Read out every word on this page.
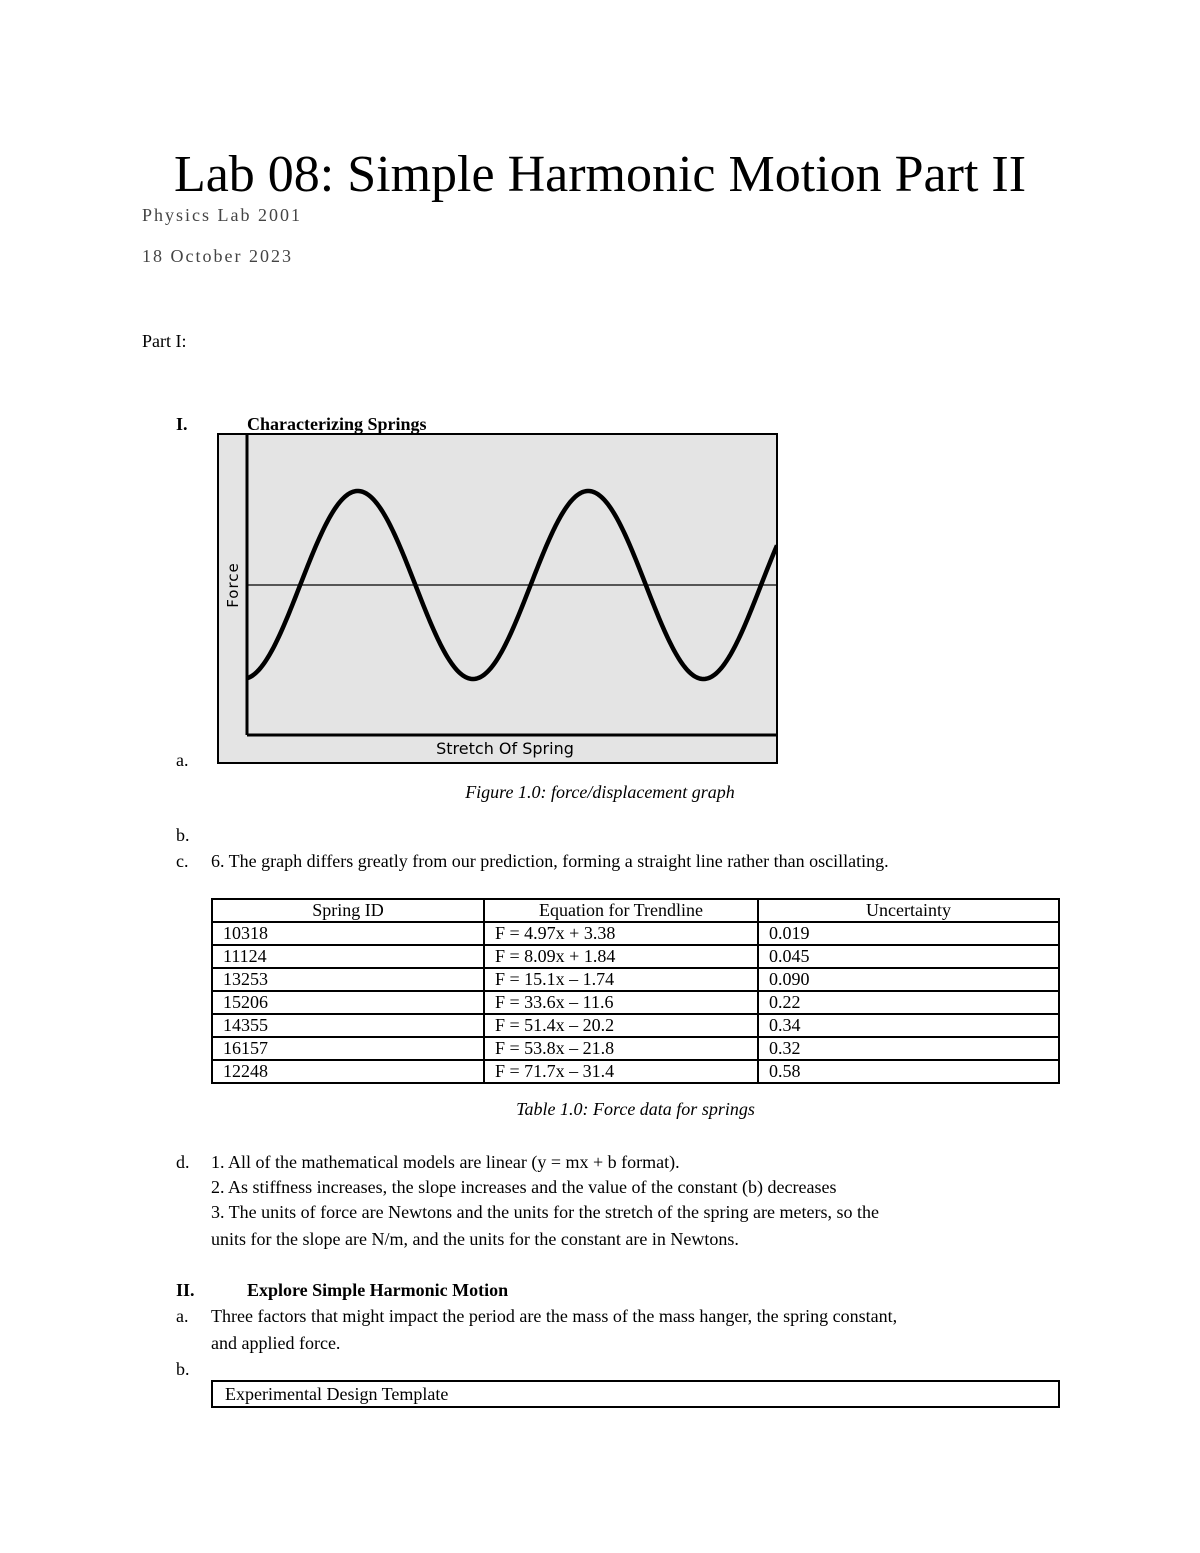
Lab 08: Simple Harmonic Motion Part II
Physics Lab 2001
18 October 2023
Part I:
I.	Characterizing Springs
Force
Stretch Of Spring
a.
Figure 1.0: force/displacement graph
b.
c. 6. The graph differs greatly from our prediction, forming a straight line rather than oscillating.
Spring ID	Equation for Trendline	Uncertainty
10318	F = 4.97x + 3.38	0.019
11124	F = 8.09x + 1.84	0.045
13253	F = 15.1x – 1.74	0.090
15206	F = 33.6x – 11.6	0.22
14355	F = 51.4x – 20.2	0.34
16157	F = 53.8x – 21.8	0.32
12248	F = 71.7x – 31.4	0.58
Table 1.0: Force data for springs
d. 1. All of the mathematical models are linear (y = mx + b format).
2. As stiffness increases, the slope increases and the value of the constant (b) decreases
3. The units of force are Newtons and the units for the stretch of the spring are meters, so the
units for the slope are N/m, and the units for the constant are in Newtons.
II.	Explore Simple Harmonic Motion
a. Three factors that might impact the period are the mass of the mass hanger, the spring constant,
and applied force.
b.
Experimental Design Template
